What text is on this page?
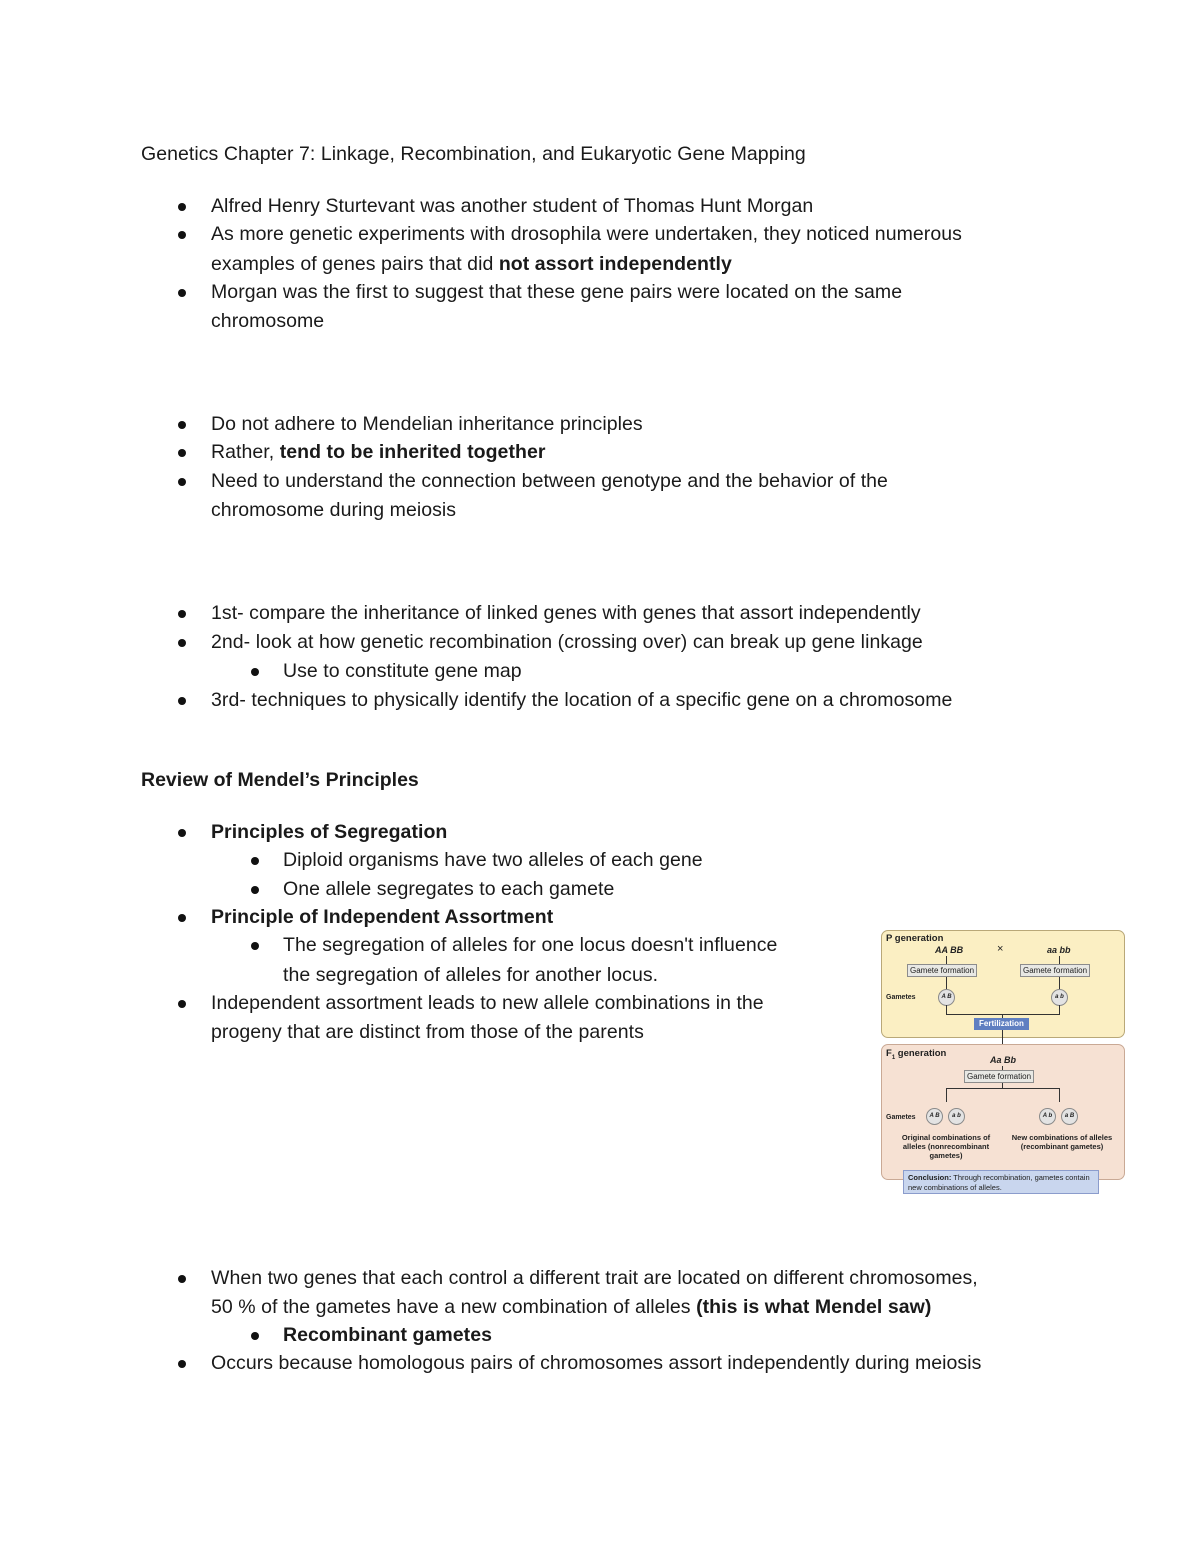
Genetics Chapter 7: Linkage, Recombination, and Eukaryotic Gene Mapping
Alfred Henry Sturtevant was another student of Thomas Hunt Morgan
As more genetic experiments with drosophila were undertaken, they noticed numerous
examples of genes pairs that did not assort independently
Morgan was the first to suggest that these gene pairs were located on the same
chromosome
Do not adhere to Mendelian inheritance principles
Rather, tend to be inherited together
Need to understand the connection between genotype and the behavior of the
chromosome during meiosis
1st- compare the inheritance of linked genes with genes that assort independently
2nd- look at how genetic recombination (crossing over) can break up gene linkage
Use to constitute gene map
3rd- techniques to physically identify the location of a specific gene on a chromosome
Review of Mendel’s Principles
Principles of Segregation
Diploid organisms have two alleles of each gene
One allele segregates to each gamete
Principle of Independent Assortment
The segregation of alleles for one locus doesn't influence
the segregation of alleles for another locus.
Independent assortment leads to new allele combinations in the
progeny that are distinct from those of the parents
P generation
AA BB	×	aa bb
Gamete formation	Gamete formation
Gametes	A B	a b
Fertilization
$F_1$ generation
Aa Bb
Gamete formation
Gametes	A B	a b	A b	a B
Original combinations of alleles (nonrecombinant gametes)
New combinations of alleles (recombinant gametes)
Conclusion: Through recombination, gametes contain new combinations of alleles.
When two genes that each control a different trait are located on different chromosomes,
50 % of the gametes have a new combination of alleles (this is what Mendel saw)
Recombinant gametes
Occurs because homologous pairs of chromosomes assort independently during meiosis
